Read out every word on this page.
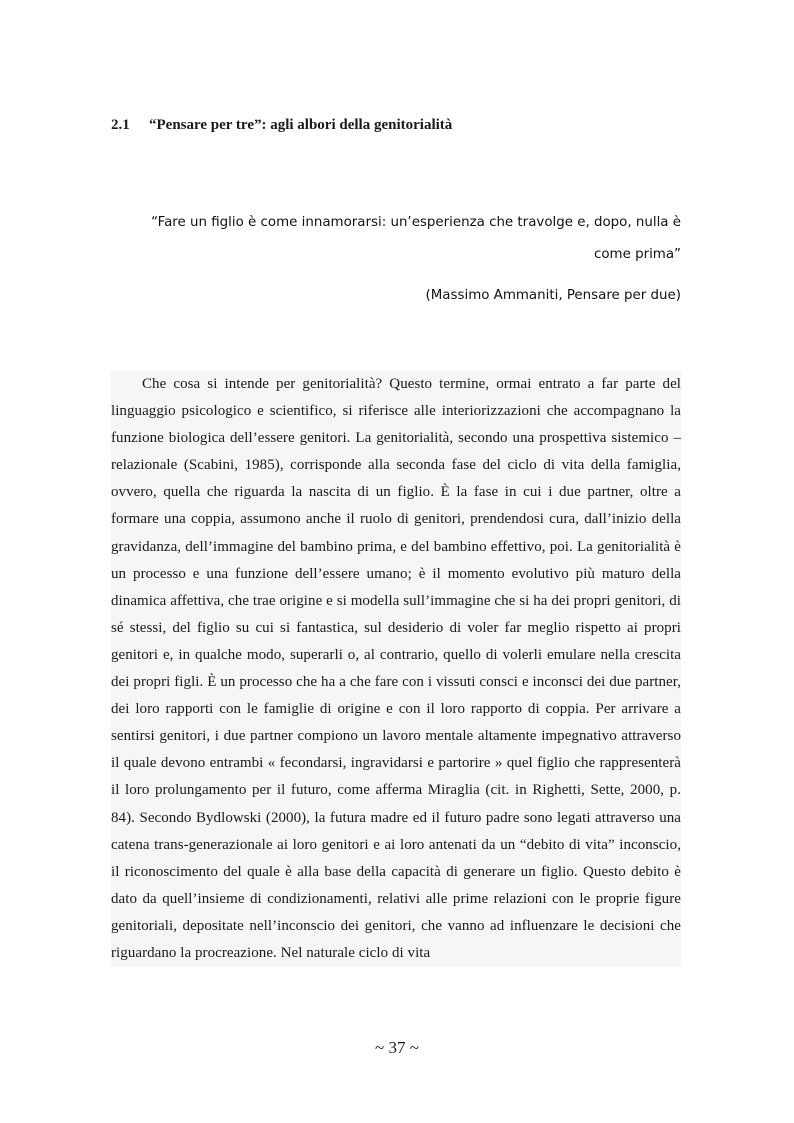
2.1 “Pensare per tre”: agli albori della genitorialità
“Fare un figlio è come innamorarsi: un’esperienza che travolge e, dopo, nulla è come prima”
(Massimo Ammaniti, Pensare per due)

Che cosa si intende per genitorialità? Questo termine, ormai entrato a far parte del linguaggio psicologico e scientifico, si riferisce alle interiorizzazioni che accompagnano la funzione biologica dell’essere genitori. La genitorialità, secondo una prospettiva sistemico – relazionale (Scabini, 1985), corrisponde alla seconda fase del ciclo di vita della famiglia, ovvero, quella che riguarda la nascita di un figlio. È la fase in cui i due partner, oltre a formare una coppia, assumono anche il ruolo di genitori, prendendosi cura, dall’inizio della gravidanza, dell’immagine del bambino prima, e del bambino effettivo, poi. La genitorialità è un processo e una funzione dell’essere umano; è il momento evolutivo più maturo della dinamica affettiva, che trae origine e si modella sull’immagine che si ha dei propri genitori, di sé stessi, del figlio su cui si fantastica, sul desiderio di voler far meglio rispetto ai propri genitori e, in qualche modo, superarli o, al contrario, quello di volerli emulare nella crescita dei propri figli. È un processo che ha a che fare con i vissuti consci e inconsci dei due partner, dei loro rapporti con le famiglie di origine e con il loro rapporto di coppia. Per arrivare a sentirsi genitori, i due partner compiono un lavoro mentale altamente impegnativo attraverso il quale devono entrambi « fecondarsi, ingravidarsi e partorire » quel figlio che rappresenterà il loro prolungamento per il futuro, come afferma Miraglia (cit. in Righetti, Sette, 2000, p. 84). Secondo Bydlowski (2000), la futura madre ed il futuro padre sono legati attraverso una catena trans-generazionale ai loro genitori e ai loro antenati da un “debito di vita” inconscio, il riconoscimento del quale è alla base della capacità di generare un figlio. Questo debito è dato da quell’insieme di condizionamenti, relativi alle prime relazioni con le proprie figure genitoriali, depositate nell’inconscio dei genitori, che vanno ad influenzare le decisioni che riguardano la procreazione. Nel naturale ciclo di vita

~ 37 ~
